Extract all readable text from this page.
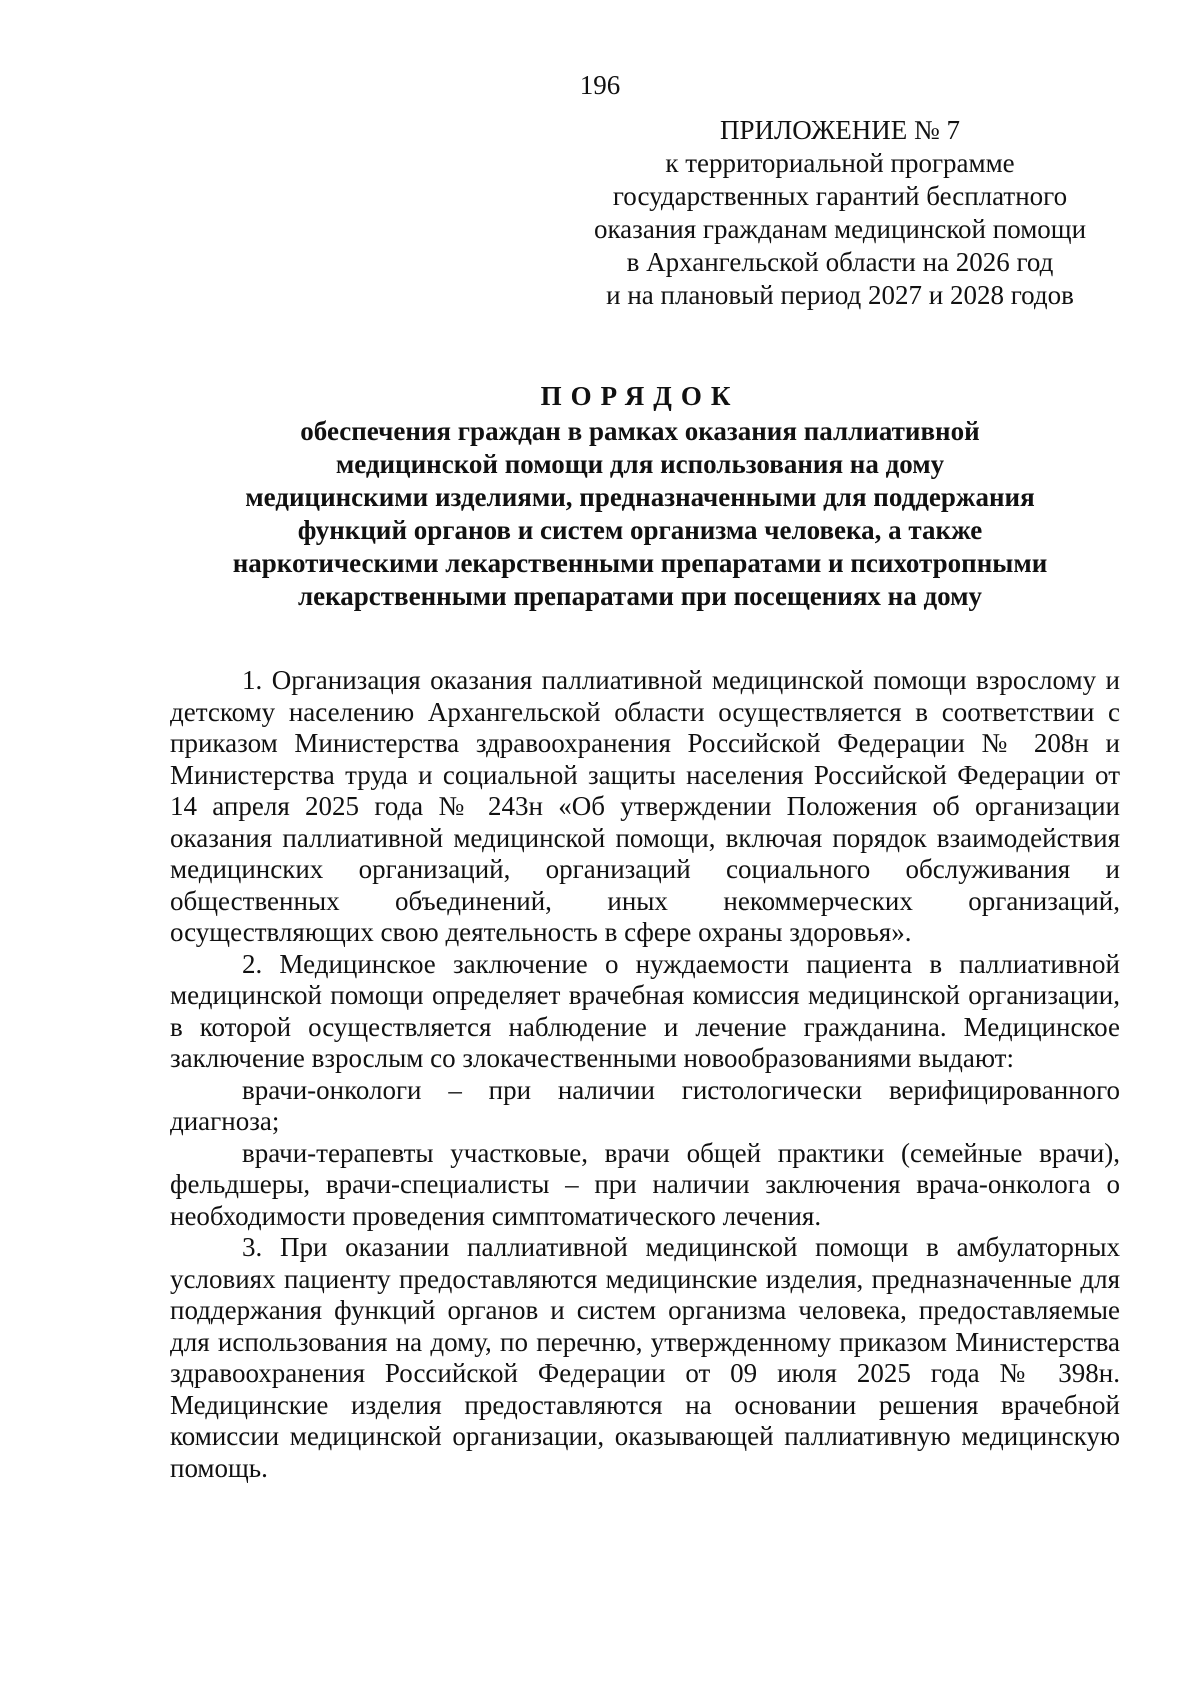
196
ПРИЛОЖЕНИЕ № 7
к территориальной программе
государственных гарантий бесплатного
оказания гражданам медицинской помощи
в Архангельской области на 2026 год
и на плановый период 2027 и 2028 годов
ПОРЯДОК
обеспечения граждан в рамках оказания паллиативной
медицинской помощи для использования на дому
медицинскими изделиями, предназначенными для поддержания
функций органов и систем организма человека, а также
наркотическими лекарственными препаратами и психотропными
лекарственными препаратами при посещениях на дому

1. Организация оказания паллиативной медицинской помощи взрослому и детскому населению Архангельской области осуществляется в соответствии с приказом Министерства здравоохранения Российской Федерации № 208н и Министерства труда и социальной защиты населения Российской Федерации от 14 апреля 2025 года № 243н «Об утверждении Положения об организации оказания паллиативной медицинской помощи, включая порядок взаимодействия медицинских организаций, организаций социального обслуживания и общественных объединений, иных некоммерческих организаций, осуществляющих свою деятельность в сфере охраны здоровья».

2. Медицинское заключение о нуждаемости пациента в паллиативной медицинской помощи определяет врачебная комиссия медицинской организации, в которой осуществляется наблюдение и лечение гражданина. Медицинское заключение взрослым со злокачественными новообразованиями выдают:

врачи-онкологи – при наличии гистологически верифицированного диагноза;

врачи-терапевты участковые, врачи общей практики (семейные врачи), фельдшеры, врачи-специалисты – при наличии заключения врача-онколога о необходимости проведения симптоматического лечения.

3. При оказании паллиативной медицинской помощи в амбулаторных условиях пациенту предоставляются медицинские изделия, предназначенные для поддержания функций органов и систем организма человека, предоставляемые для использования на дому, по перечню, утвержденному приказом Министерства здравоохранения Российской Федерации от 09 июля 2025 года № 398н. Медицинские изделия предоставляются на основании решения врачебной комиссии медицинской организации, оказывающей паллиативную медицинскую помощь.
